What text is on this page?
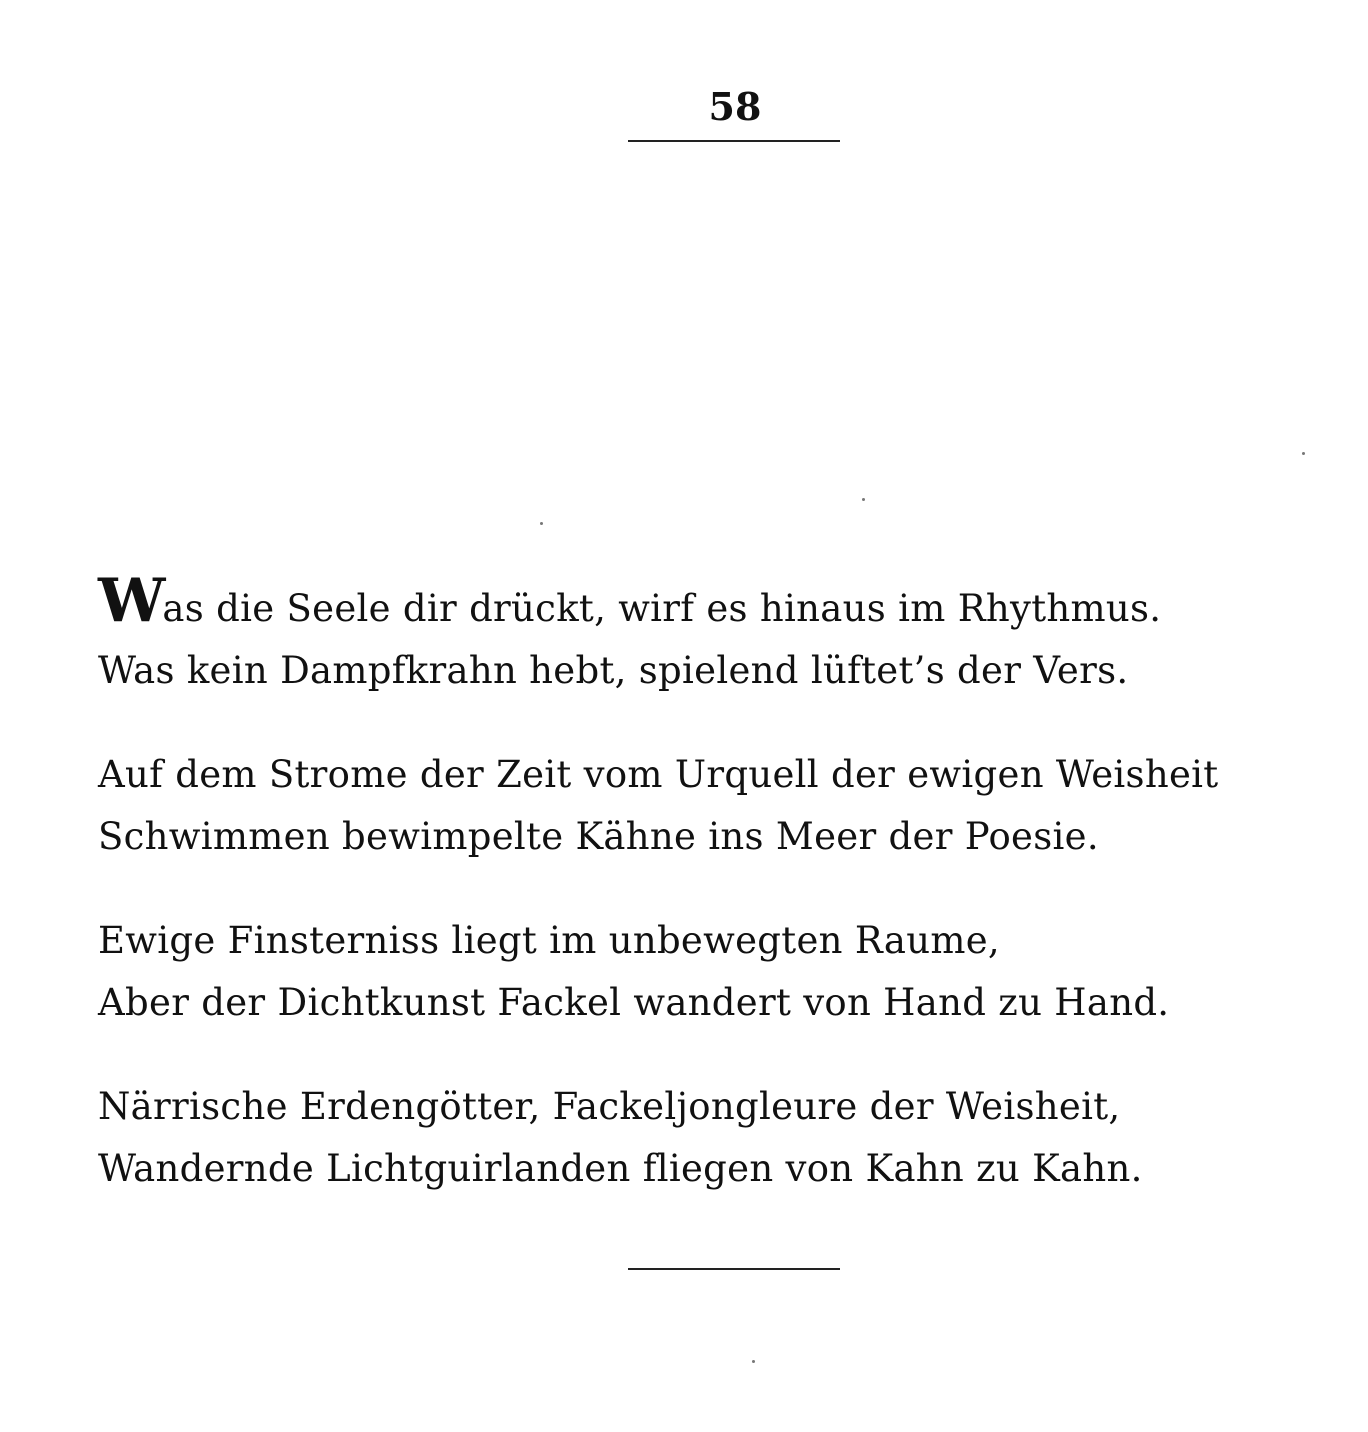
58
Was die Seele dir drückt, wirf es hinaus im Rhythmus.
Was kein Dampfkrahn hebt, spielend lüftet’s der Vers.
Auf dem Strome der Zeit vom Urquell der ewigen Weisheit
Schwimmen bewimpelte Kähne ins Meer der Poesie.
Ewige Finsterniss liegt im unbewegten Raume,
Aber der Dichtkunst Fackel wandert von Hand zu Hand.
Närrische Erdengötter, Fackeljongleure der Weisheit,
Wandernde Lichtguirlanden fliegen von Kahn zu Kahn.
